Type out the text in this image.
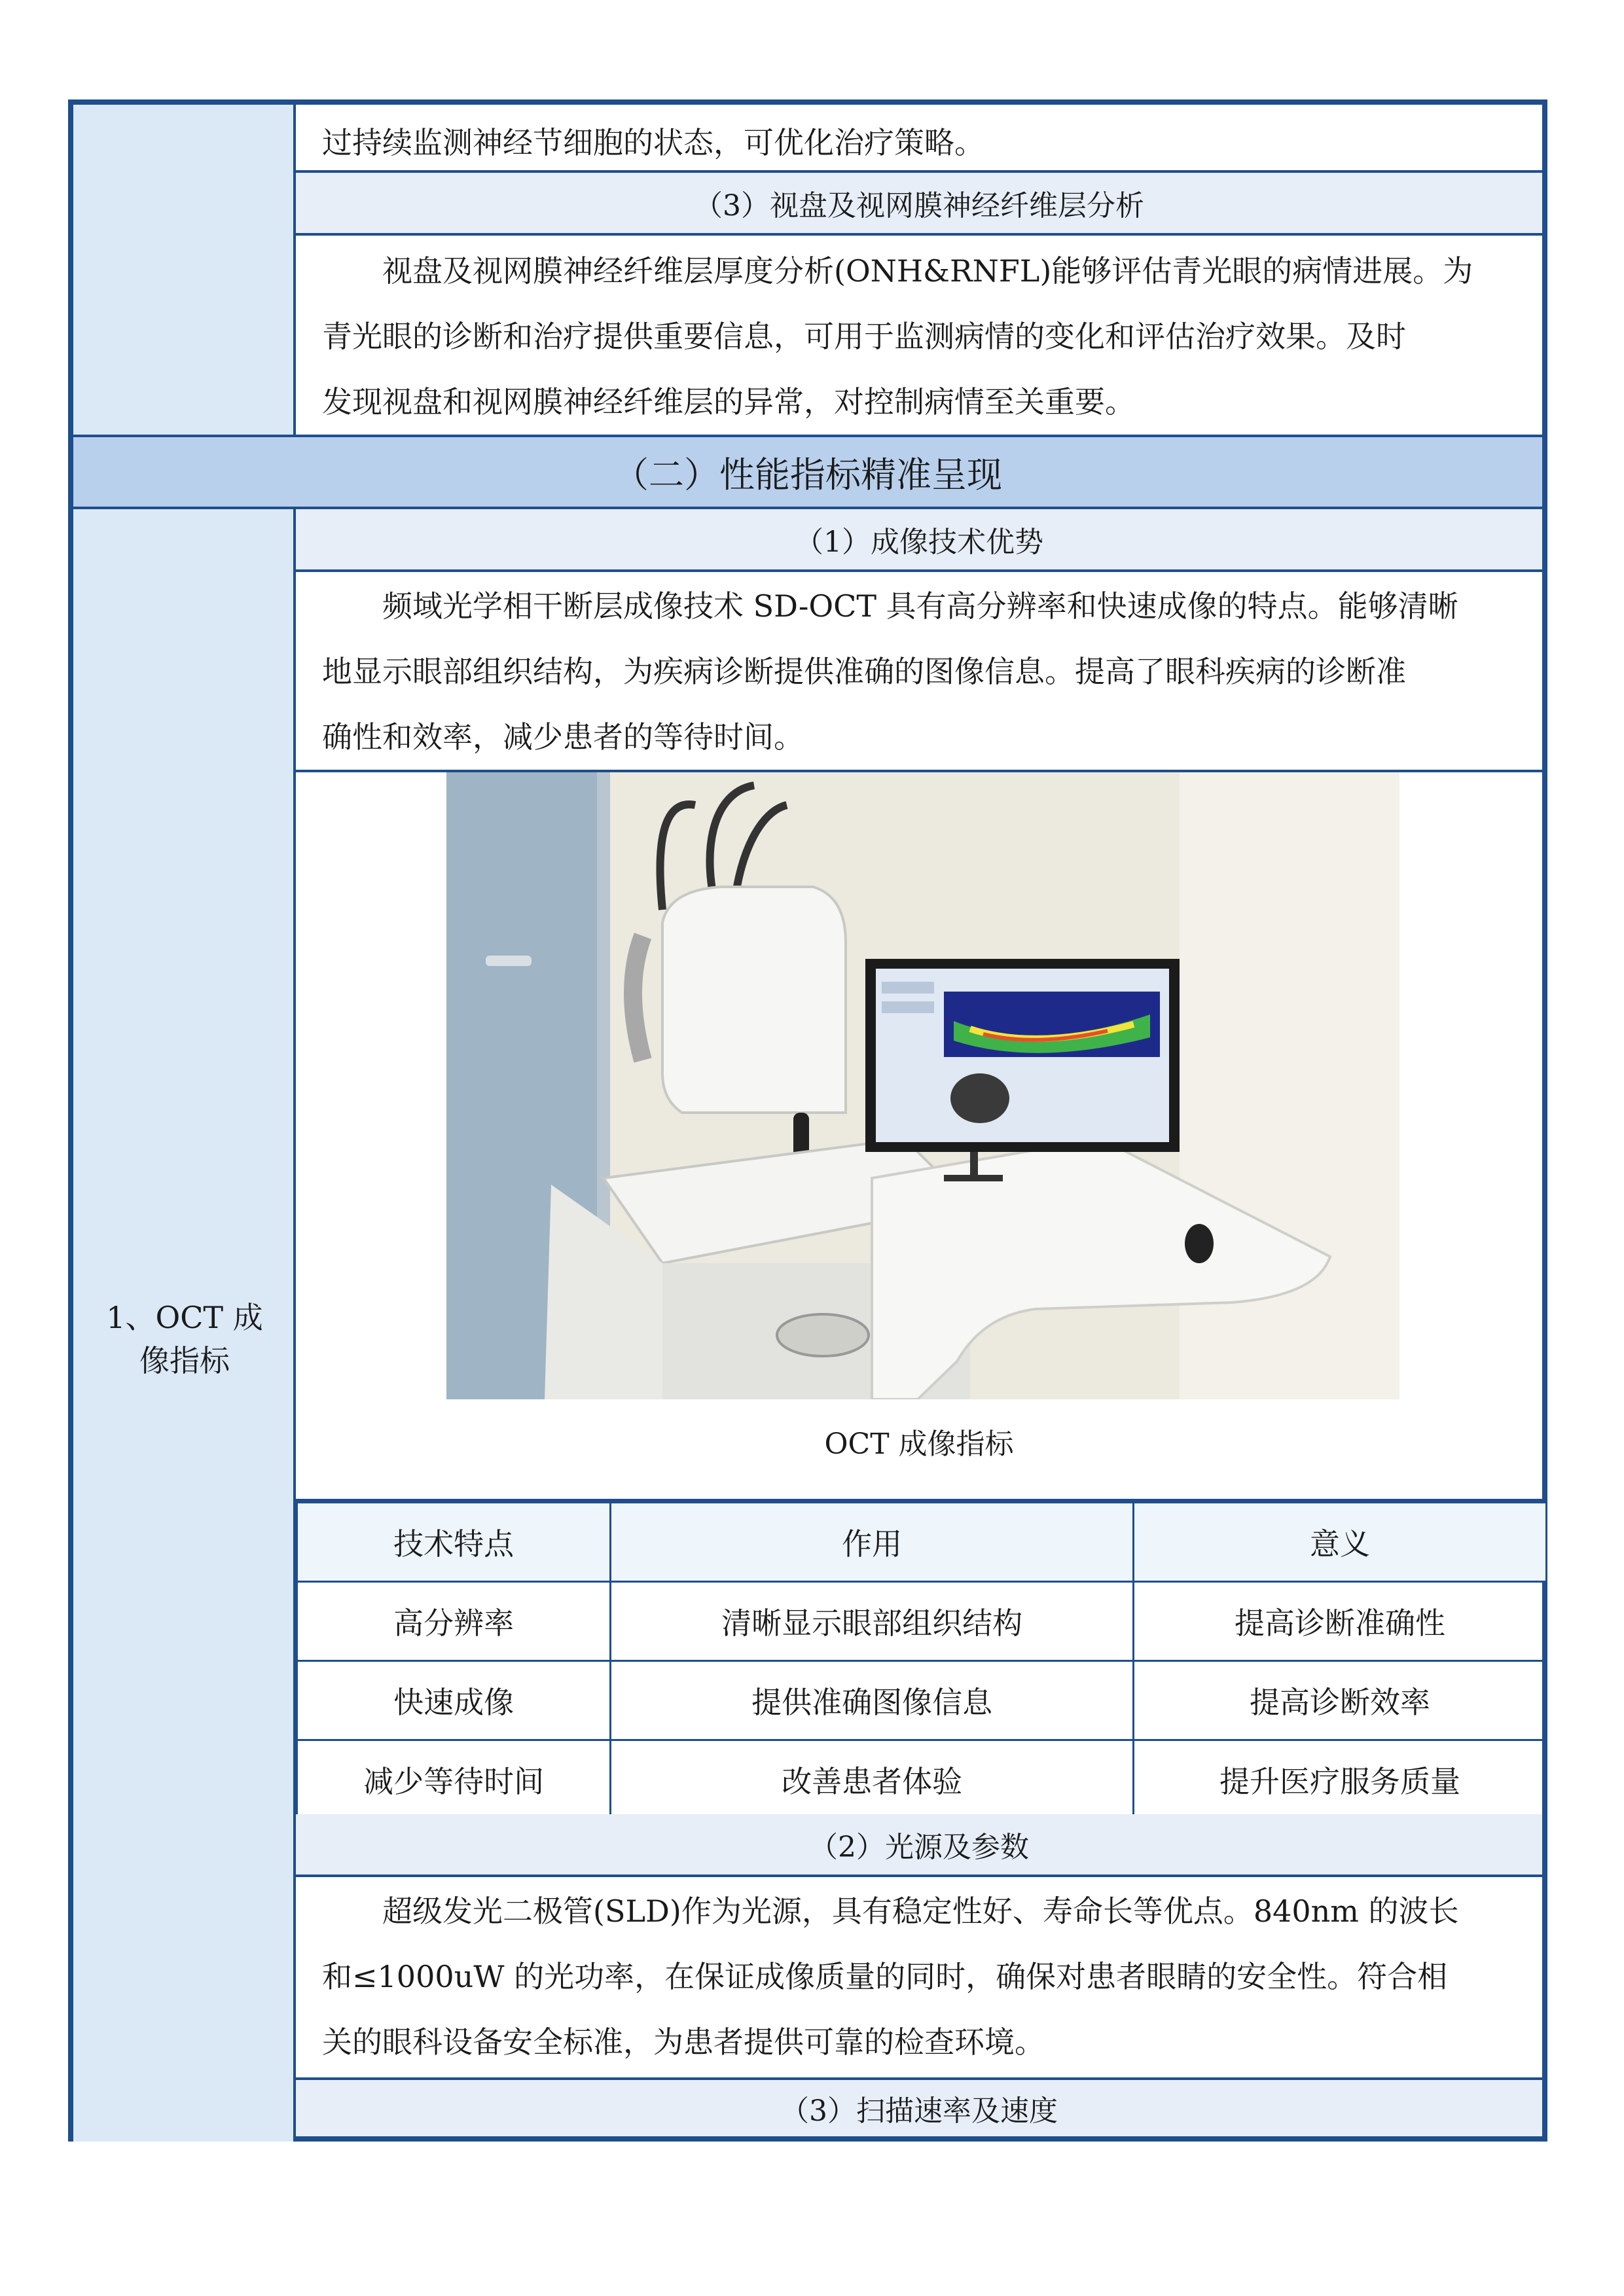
过持续监测神经节细胞的状态，可优化治疗策略。
（3）视盘及视网膜神经纤维层分析
视盘及视网膜神经纤维层厚度分析(ONH&RNFL)能够评估青光眼的病情进展。为
青光眼的诊断和治疗提供重要信息，可用于监测病情的变化和评估治疗效果。及时
发现视盘和视网膜神经纤维层的异常，对控制病情至关重要。
（二）性能指标精准呈现
1、OCT 成
像指标
（1）成像技术优势
频域光学相干断层成像技术 SD-OCT 具有高分辨率和快速成像的特点。能够清晰
地显示眼部组织结构，为疾病诊断提供准确的图像信息。提高了眼科疾病的诊断准
确性和效率，减少患者的等待时间。
OCT 成像指标
技术特点	作用	意义
高分辨率	清晰显示眼部组织结构	提高诊断准确性
快速成像	提供准确图像信息	提高诊断效率
减少等待时间	改善患者体验	提升医疗服务质量
（2）光源及参数
超级发光二极管(SLD)作为光源，具有稳定性好、寿命长等优点。840nm 的波长
和≤1000uW 的光功率，在保证成像质量的同时，确保对患者眼睛的安全性。符合相
关的眼科设备安全标准，为患者提供可靠的检查环境。
（3）扫描速率及速度
